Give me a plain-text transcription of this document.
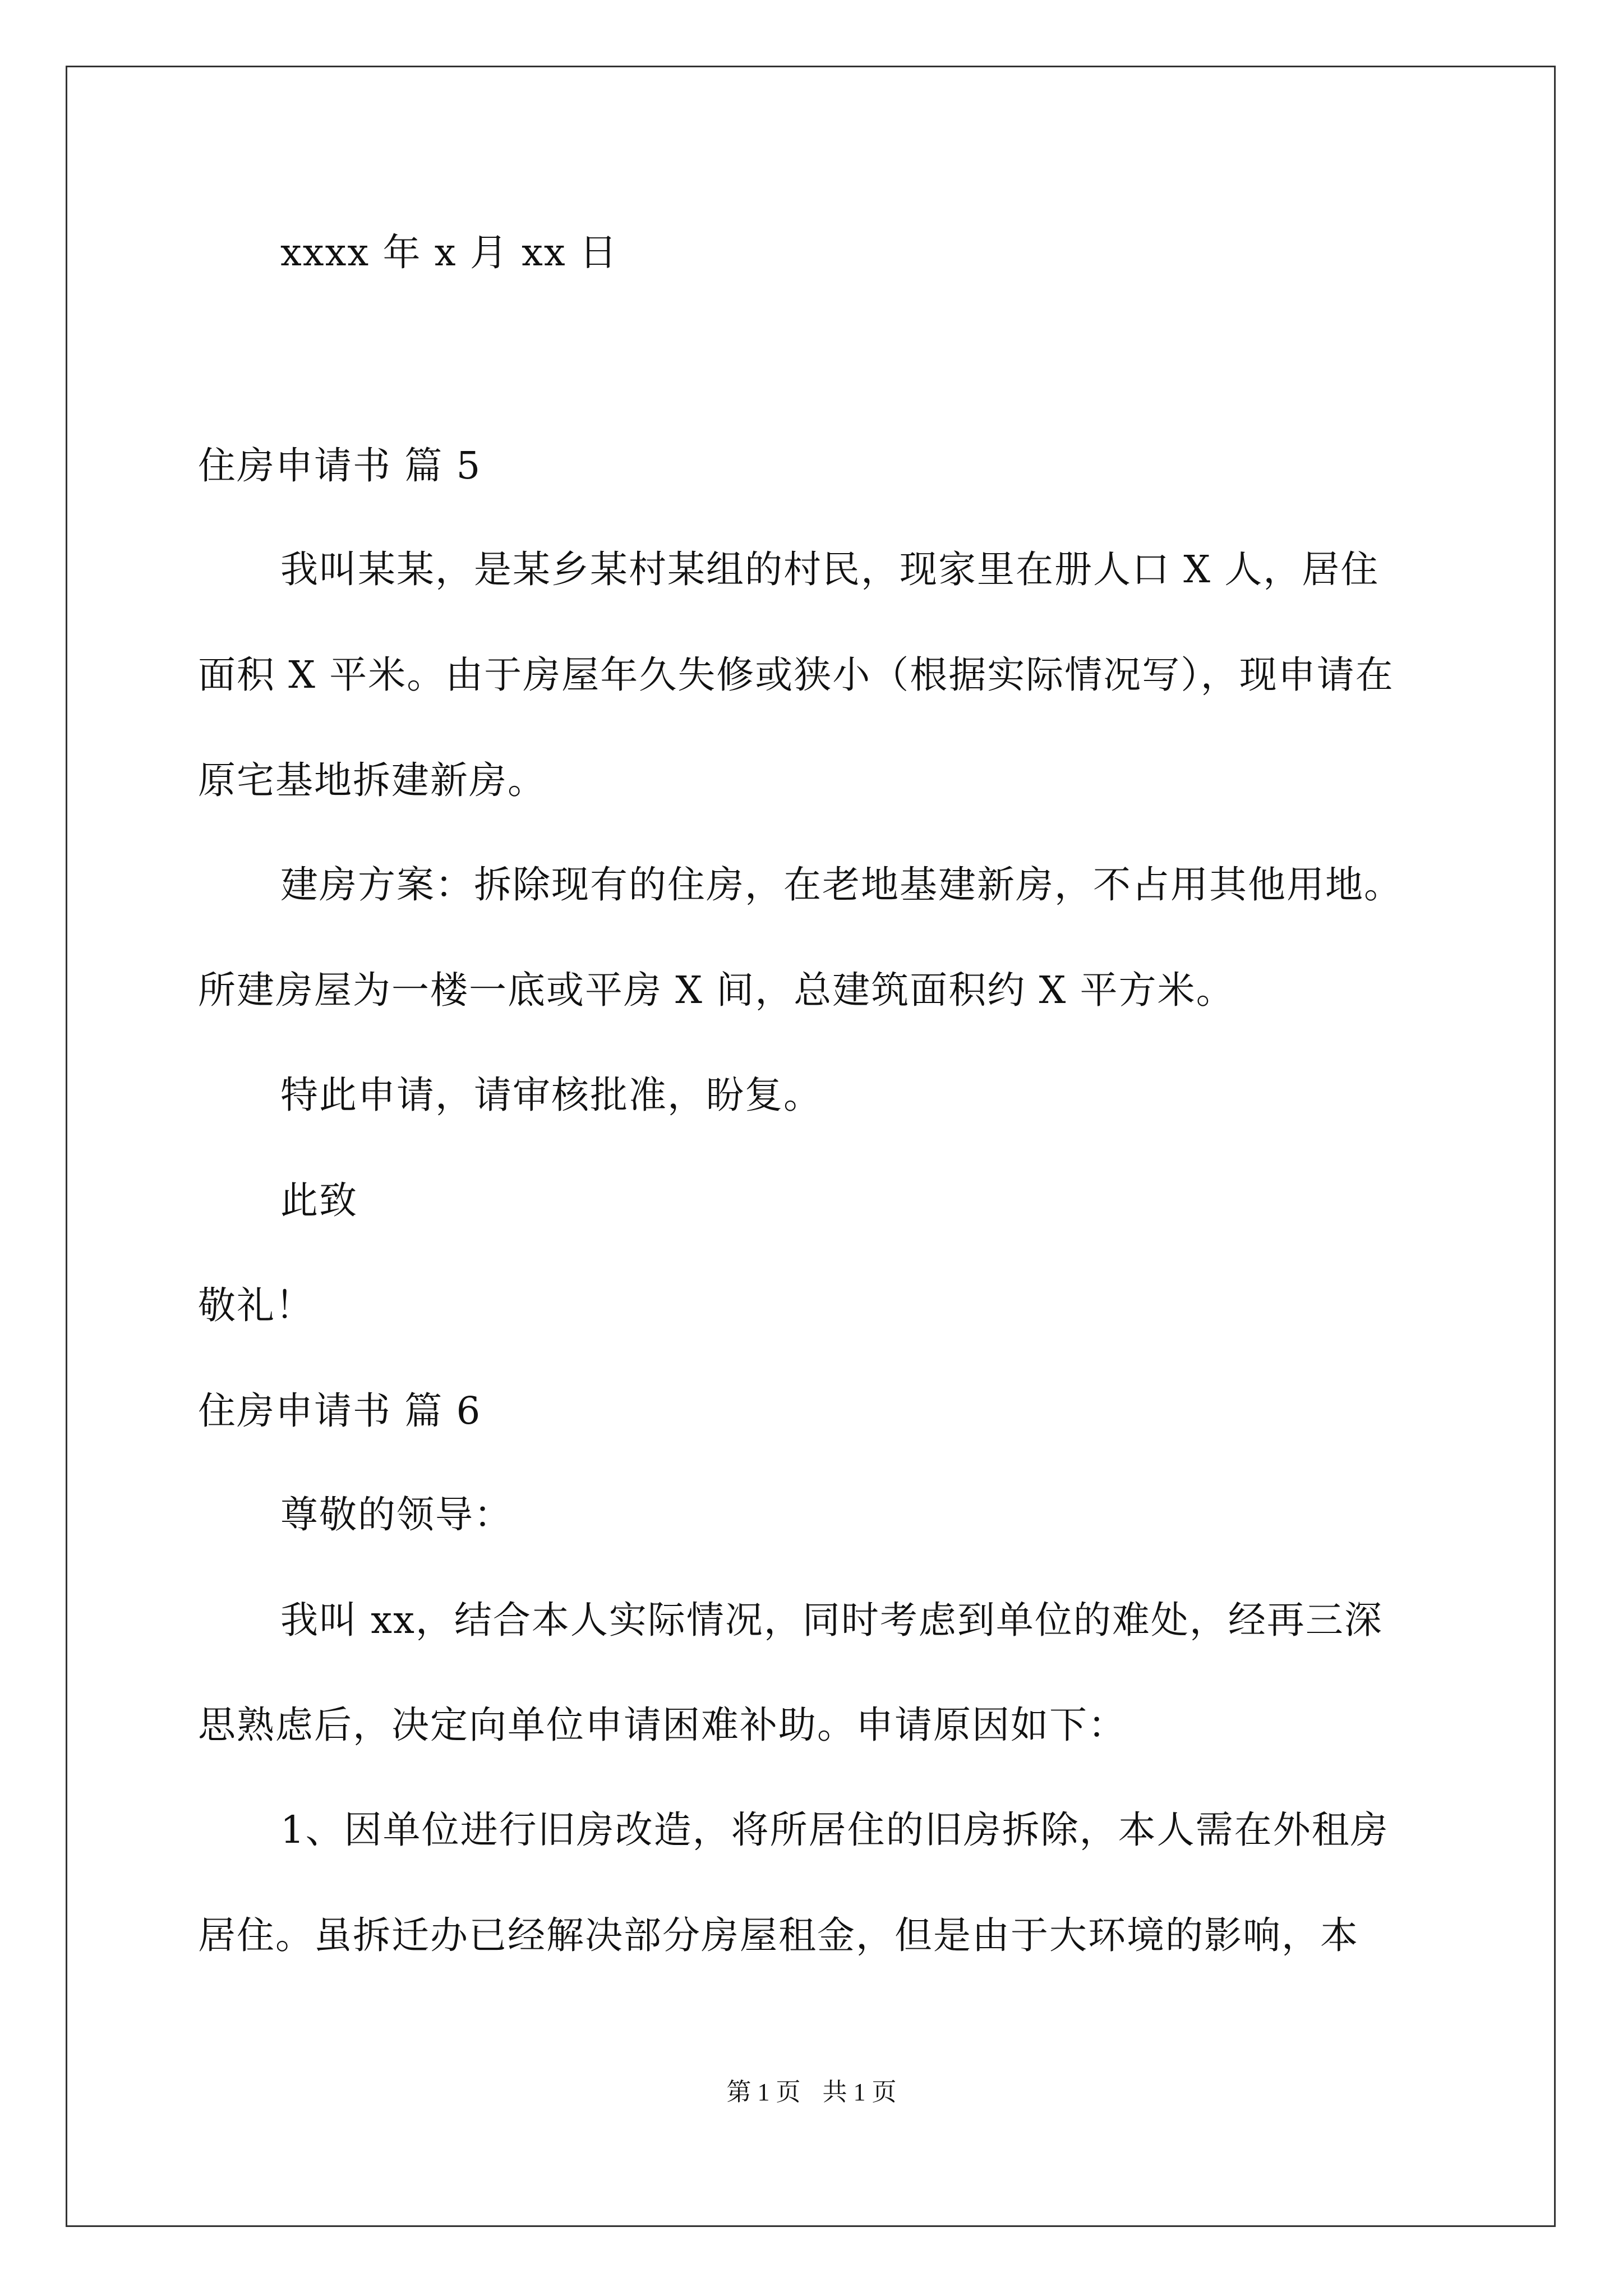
xxxx 年 x 月 xx 日
住房申请书 篇 5
我叫某某，是某乡某村某组的村民，现家里在册人口 X 人，居住
面积 X 平米。由于房屋年久失修或狭小（根据实际情况写），现申请在
原宅基地拆建新房。
建房方案：拆除现有的住房，在老地基建新房，不占用其他用地。
所建房屋为一楼一底或平房 X 间，总建筑面积约 X 平方米。
特此申请，请审核批准，盼复。
此致
敬礼！
住房申请书 篇 6
尊敬的领导：
我叫 xx，结合本人实际情况，同时考虑到单位的难处，经再三深
思熟虑后，决定向单位申请困难补助。申请原因如下：
1、因单位进行旧房改造，将所居住的旧房拆除，本人需在外租房
居住。虽拆迁办已经解决部分房屋租金，但是由于大环境的影响，本
第 1 页 共 1 页
